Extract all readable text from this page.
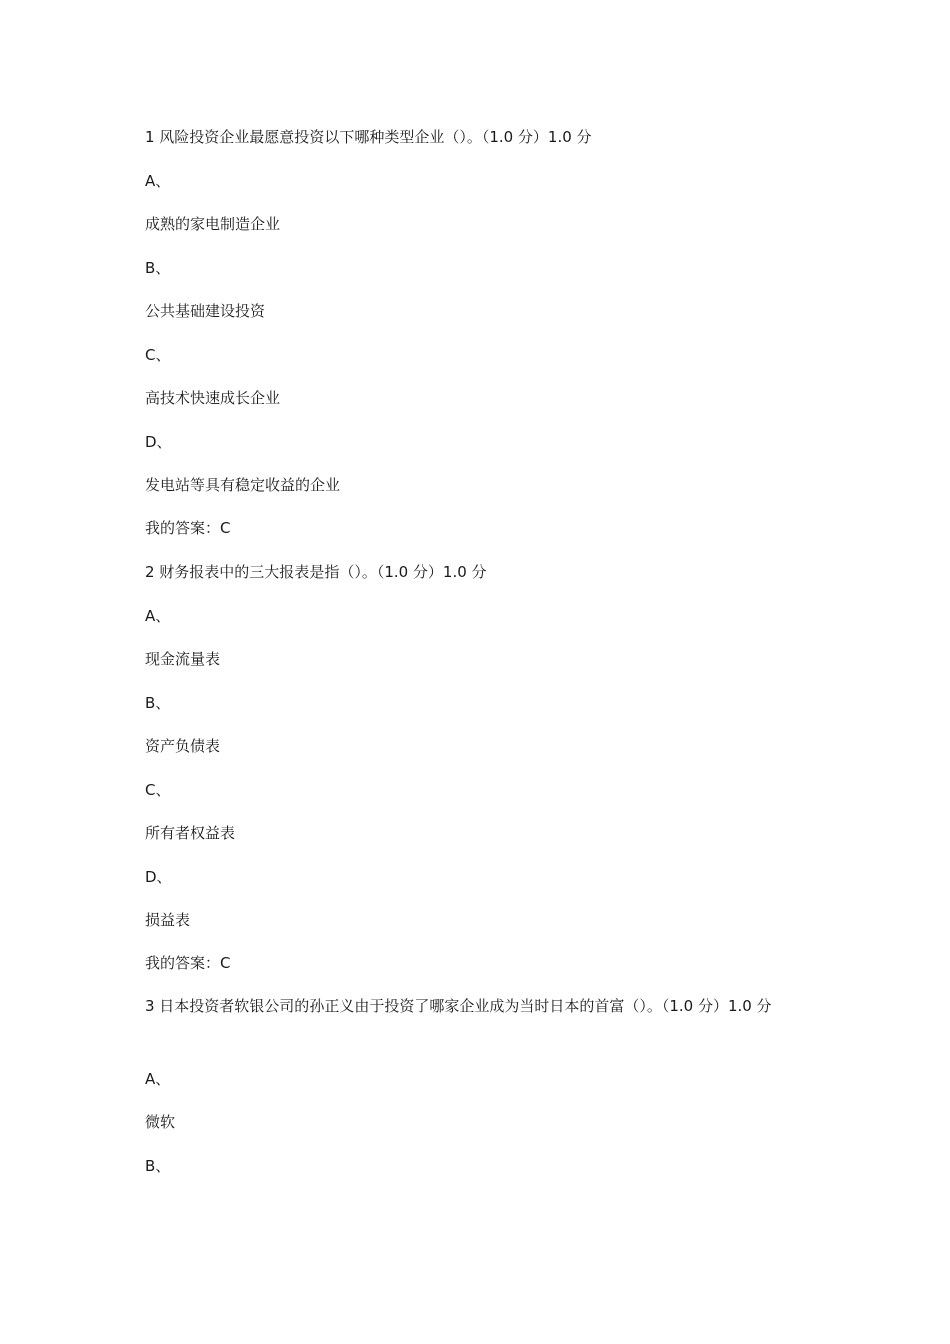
1 风险投资企业最愿意投资以下哪种类型企业（）。（1.0 分）1.0 分
A、
成熟的家电制造企业
B、
公共基础建设投资
C、
高技术快速成长企业
D、
发电站等具有稳定收益的企业
我的答案：C
2 财务报表中的三大报表是指（）。（1.0 分）1.0 分
A、
现金流量表
B、
资产负债表
C、
所有者权益表
D、
损益表
我的答案：C
3 日本投资者软银公司的孙正义由于投资了哪家企业成为当时日本的首富（）。（1.0 分）1.0 分
A、
微软
B、
